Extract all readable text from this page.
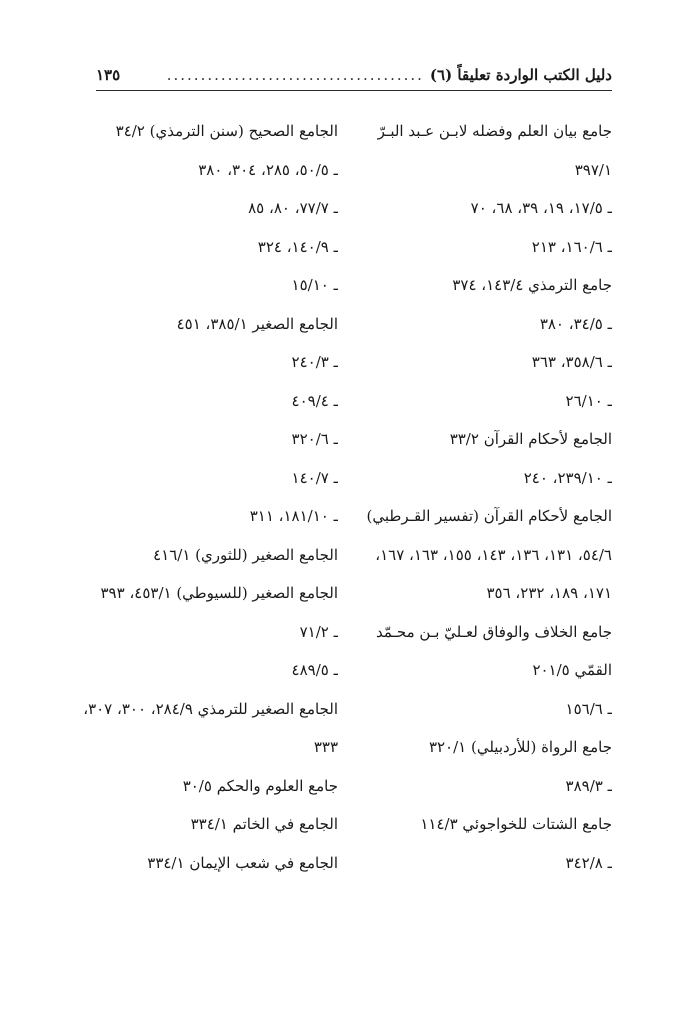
دليل الكتب الواردة تعليقاً (٦)
......................................
١٣٥
جامع بيان العلم وفضله لابـن عـبد البـرّ
٣٩٧/١
ـ ١٧/٥، ١٩، ٣٩، ٦٨، ٧٠
ـ ١٦٠/٦، ٢١٣
جامع الترمذي ١٤٣/٤، ٣٧٤
ـ ٣٤/٥، ٣٨٠
ـ ٣٥٨/٦، ٣٦٣
ـ ٢٦/١٠
الجامع لأحكام القرآن ٣٣/٢
ـ ٢٣٩/١٠، ٢٤٠
الجامع لأحكام القرآن (تفسير القـرطبي)
٥٤/٦، ١٣١، ١٣٦، ١٤٣، ١٥٥، ١٦٣، ١٦٧،
١٧١، ١٨٩، ٢٣٢، ٣٥٦
جامع الخلاف والوفاق لعـليّ بـن محـمّد
القمّي ٢٠١/٥
ـ ١٥٦/٦
جامع الرواة (للأردبيلي) ٣٢٠/١
ـ ٣٨٩/٣
جامع الشتات للخواجوئي ١١٤/٣
ـ ٣٤٢/٨
الجامع الصحيح (سنن الترمذي) ٣٤/٢
ـ ٥٠/٥، ٢٨٥، ٣٠٤، ٣٨٠
ـ ٧٧/٧، ٨٠، ٨٥
ـ ١٤٠/٩، ٣٢٤
ـ ١٥/١٠
الجامع الصغير ٣٨٥/١، ٤٥١
ـ ٢٤٠/٣
ـ ٤٠٩/٤
ـ ٣٢٠/٦
ـ ١٤٠/٧
ـ ١٨١/١٠، ٣١١
الجامع الصغير (للثوري) ٤١٦/١
الجامع الصغير (للسيوطي) ٤٥٣/١، ٣٩٣
ـ ٧١/٢
ـ ٤٨٩/٥
الجامع الصغير للترمذي ٢٨٤/٩، ٣٠٠، ٣٠٧،
٣٣٣
جامع العلوم والحكم ٣٠/٥
الجامع في الخاتم ٣٣٤/١
الجامع في شعب الإيمان ٣٣٤/١
